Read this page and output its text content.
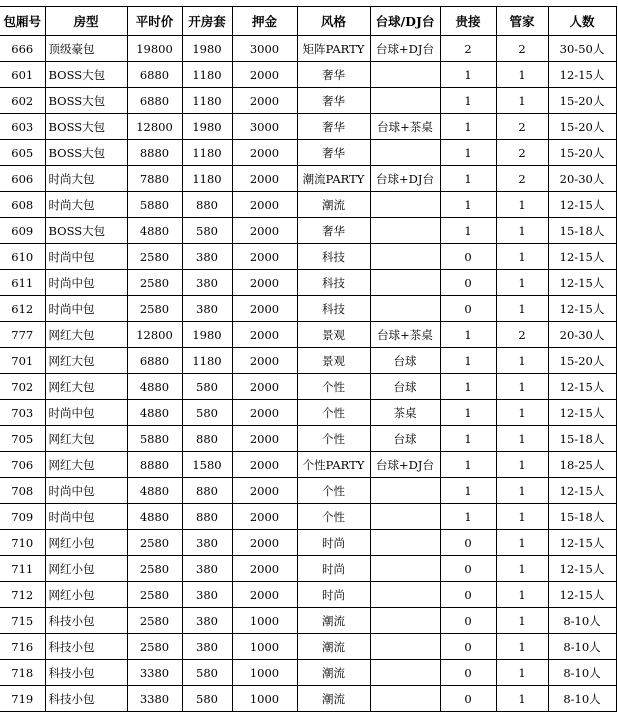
包厢号	房型	平时价	开房套	押金	风格	台球/DJ台	贵接	管家	人数
666	顶级豪包	19800	1980	3000	矩阵PARTY	台球+DJ台	2	2	30-50人
601	BOSS大包	6880	1180	2000	奢华		1	1	12-15人
602	BOSS大包	6880	1180	2000	奢华		1	1	15-20人
603	BOSS大包	12800	1980	3000	奢华	台球+茶桌	1	2	15-20人
605	BOSS大包	8880	1180	2000	奢华		1	2	15-20人
606	时尚大包	7880	1180	2000	潮流PARTY	台球+DJ台	1	2	20-30人
608	时尚大包	5880	880	2000	潮流		1	1	12-15人
609	BOSS大包	4880	580	2000	奢华		1	1	15-18人
610	时尚中包	2580	380	2000	科技		0	1	12-15人
611	时尚中包	2580	380	2000	科技		0	1	12-15人
612	时尚中包	2580	380	2000	科技		0	1	12-15人
777	网红大包	12800	1980	2000	景观	台球+茶桌	1	2	20-30人
701	网红大包	6880	1180	2000	景观	台球	1	1	15-20人
702	网红大包	4880	580	2000	个性	台球	1	1	12-15人
703	时尚中包	4880	580	2000	个性	茶桌	1	1	12-15人
705	网红大包	5880	880	2000	个性	台球	1	1	15-18人
706	网红大包	8880	1580	2000	个性PARTY	台球+DJ台	1	1	18-25人
708	时尚中包	4880	880	2000	个性		1	1	12-15人
709	时尚中包	4880	880	2000	个性		1	1	15-18人
710	网红小包	2580	380	2000	时尚		0	1	12-15人
711	网红小包	2580	380	2000	时尚		0	1	12-15人
712	网红小包	2580	380	2000	时尚		0	1	12-15人
715	科技小包	2580	380	1000	潮流		0	1	8-10人
716	科技小包	2580	380	1000	潮流		0	1	8-10人
718	科技小包	3380	580	1000	潮流		0	1	8-10人
719	科技小包	3380	580	1000	潮流		0	1	8-10人
